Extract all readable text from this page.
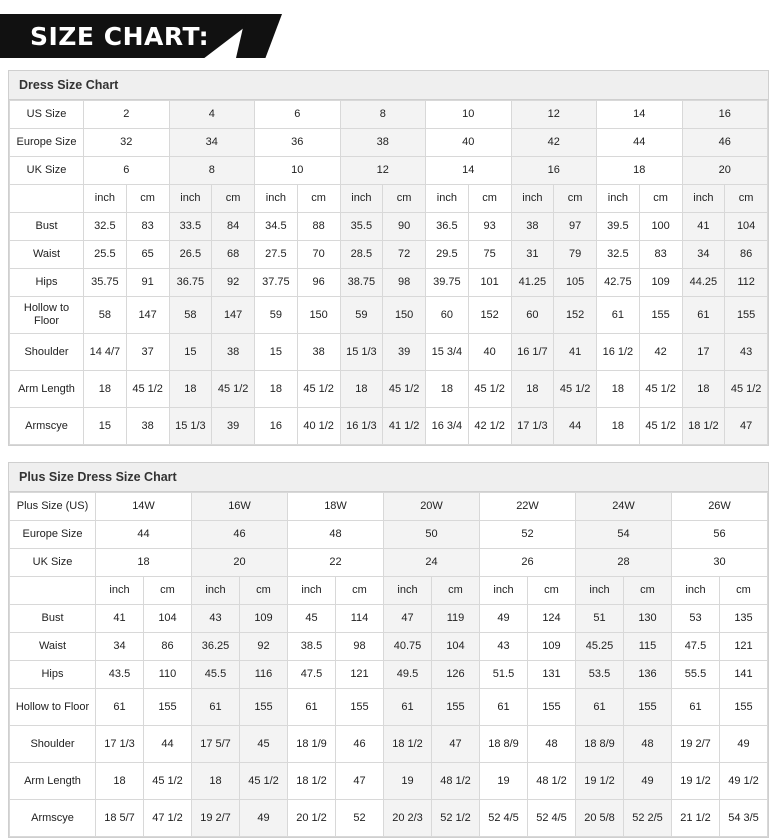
SIZE CHART:
Dress Size Chart
US Size	2		4		6		8		10		12		14		16	
Europe Size	32		34		36		38		40		42		44		46	
UK Size	6		8		10		12		14		16		18		20	
	inch	cm	inch	cm	inch	cm	inch	cm	inch	cm	inch	cm	inch	cm	inch	cm
Bust	32.5	83	33.5	84	34.5	88	35.5	90	36.5	93	38	97	39.5	100	41	104
Waist	25.5	65	26.5	68	27.5	70	28.5	72	29.5	75	31	79	32.5	83	34	86
Hips	35.75	91	36.75	92	37.75	96	38.75	98	39.75	101	41.25	105	42.75	109	44.25	112
Hollow to Floor	58	147	58	147	59	150	59	150	60	152	60	152	61	155	61	155
Shoulder	14 4/7	37	15	38	15	38	15 1/3	39	15 3/4	40	16 1/7	41	16 1/2	42	17	43
Arm Length	18	45 1/2	18	45 1/2	18	45 1/2	18	45 1/2	18	45 1/2	18	45 1/2	18	45 1/2	18	45 1/2
Armscye	15	38	15 1/3	39	16	40 1/2	16 1/3	41 1/2	16 3/4	42 1/2	17 1/3	44	18	45 1/2	18 1/2	47
Plus Size Dress Size Chart
Plus Size (US)	14W		16W		18W		20W		22W		24W		26W	
Europe Size	44		46		48		50		52		54		56	
UK Size	18		20		22		24		26		28		30	
	inch	cm	inch	cm	inch	cm	inch	cm	inch	cm	inch	cm	inch	cm
Bust	41	104	43	109	45	114	47	119	49	124	51	130	53	135
Waist	34	86	36.25	92	38.5	98	40.75	104	43	109	45.25	115	47.5	121
Hips	43.5	110	45.5	116	47.5	121	49.5	126	51.5	131	53.5	136	55.5	141
Hollow to Floor	61	155	61	155	61	155	61	155	61	155	61	155	61	155
Shoulder	17 1/3	44	17 5/7	45	18 1/9	46	18 1/2	47	18 8/9	48	18 8/9	48	19 2/7	49
Arm Length	18	45 1/2	18	45 1/2	18 1/2	47	19	48 1/2	19	48 1/2	19 1/2	49	19 1/2	49 1/2
Armscye	18 5/7	47 1/2	19 2/7	49	20 1/2	52	20 2/3	52 1/2	52 4/5	52 4/5	20 5/8	52 2/5	21 1/2	54 3/5
